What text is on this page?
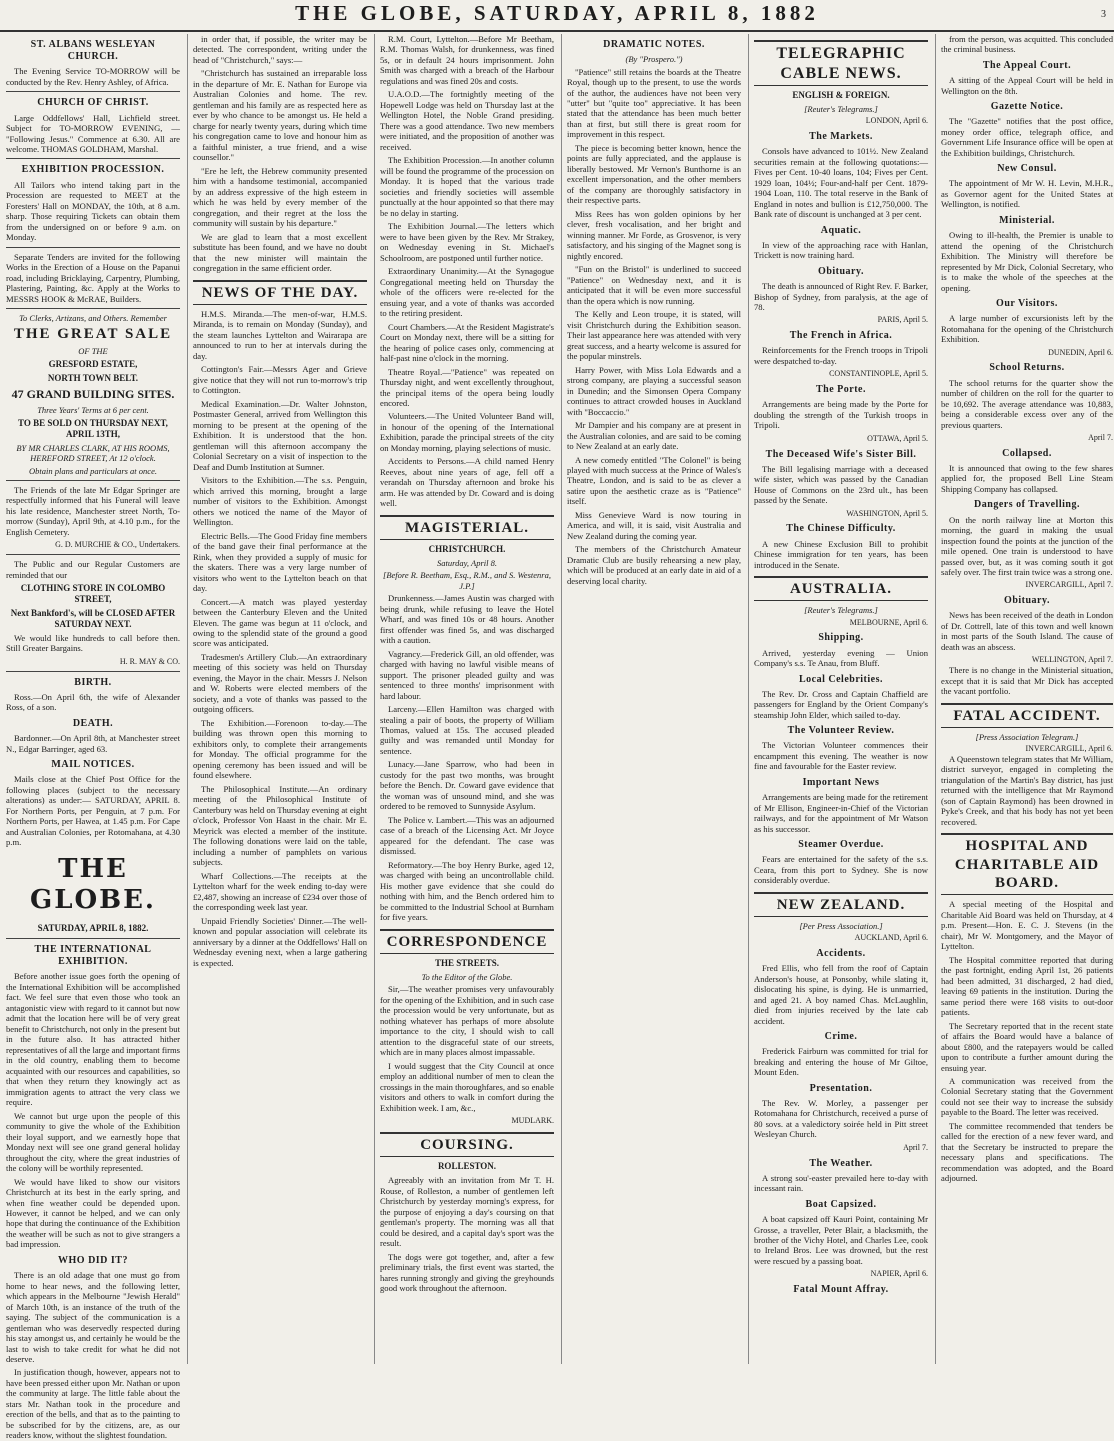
THE GLOBE, SATURDAY, APRIL 8, 1882	3

ST. ALBANS WESLEYAN CHURCH.

The Evening Service TO-MORROW will be conducted by the Rev. Henry Ashley, of Africa.

CHURCH OF CHRIST.

Large Oddfellows' Hall, Lichfield street. Subject for TO-MORROW EVENING, — "Following Jesus." Commence at 6.30. All are welcome. THOMAS GOLDHAM, Marshal.

EXHIBITION PROCESSION.

All Tailors who intend taking part in the Procession are requested to MEET at the Foresters' Hall on MONDAY, the 10th, at 8 a.m. sharp. Those requiring Tickets can obtain them from the undersigned on or before 9 a.m. on Monday.

Separate Tenders are invited for the following Works in the Erection of a House on the Papanui road, including Bricklaying, Carpentry, Plumbing, Plastering, Painting, &c. Apply at the Works to MESSRS HOOK & McRAE, Builders.

To Clerks, Artizans, and Others. Remember

THE GREAT SALE

OF THE

GRESFORD ESTATE,

NORTH TOWN BELT.

47 GRAND BUILDING SITES.

Three Years' Terms at 6 per cent.

TO BE SOLD ON THURSDAY NEXT, APRIL 13TH,

BY MR CHARLES CLARK, AT HIS ROOMS, HEREFORD STREET, At 12 o'clock.

Obtain plans and particulars at once.

The Friends of the late Mr Edgar Springer are respectfully informed that his Funeral will leave his late residence, Manchester street North, To-morrow (Sunday), April 9th, at 4.10 p.m., for the English Cemetery.

G. D. MURCHIE & CO., Undertakers.

The Public and our Regular Customers are reminded that our

CLOTHING STORE IN COLOMBO STREET,

Next Bankford's, will be CLOSED AFTER SATURDAY NEXT.

We would like hundreds to call before then. Still Greater Bargains.

H. R. MAY & CO.

BIRTH.

Ross.—On April 6th, the wife of Alexander Ross, of a son.

DEATH.

Bardonner.—On April 8th, at Manchester street N., Edgar Barringer, aged 63.

MAIL NOTICES.

Mails close at the Chief Post Office for the following places (subject to the necessary alterations) as under:— SATURDAY, APRIL 8. For Northern Ports, per Penguin, at 7 p.m. For Northern Ports, per Hawea, at 1.45 p.m. For Cape and Australian Colonies, per Rotomahana, at 4.30 p.m.

THE GLOBE.

SATURDAY, APRIL 8, 1882.

THE INTERNATIONAL EXHIBITION.

Before another issue goes forth the opening of the International Exhibition will be accomplished fact. We feel sure that even those who took an antagonistic view with regard to it cannot but now admit that the location here will be of very great benefit to Christchurch, not only in the present but in the future also. It has attracted hither representatives of all the large and important firms in the old country, enabling them to become acquainted with our resources and capabilities, so that when they return they knowingly act as immigration agents to attract the very class we require.

We cannot but urge upon the people of this community to give the whole of the Exhibition their loyal support, and we earnestly hope that Monday next will see one grand general holiday throughout the city, where the great industries of the colony will be worthily represented.

We would have liked to show our visitors Christchurch at its best in the early spring, and when fine weather could be depended upon. However, it cannot be helped, and we can only hope that during the continuance of the Exhibition the weather will be such as not to give strangers a bad impression.

WHO DID IT?

There is an old adage that one must go from home to hear news, and the following letter, which appears in the Melbourne "Jewish Herald" of March 10th, is an instance of the truth of the saying. The subject of the communication is a gentleman who was deservedly respected during his stay amongst us, and certainly he would be the last to wish to take credit for what he did not deserve.

In justification though, however, appears not to have been pressed either upon Mr. Nathan or upon the community at large. The little fable about the stars Mr. Nathan took in the procedure and erection of the bells, and that as to the painting to be subscribed for by the citizens, are, as our readers know, without the slightest foundation.

in order that, if possible, the writer may be detected. The correspondent, writing under the head of "Christchurch," says:—

"Christchurch has sustained an irreparable loss in the departure of Mr. E. Nathan for Europe via Australian Colonies and home. The rev. gentleman and his family are as respected here as ever by who chance to be amongst us. He held a charge for nearly twenty years, during which time his congregation came to love and honour him as a faithful minister, a true friend, and a wise counsellor."

"Ere he left, the Hebrew community presented him with a handsome testimonial, accompanied by an address expressive of the high esteem in which he was held by every member of the congregation, and their regret at the loss the community will sustain by his departure."

We are glad to learn that a most excellent substitute has been found, and we have no doubt that the new minister will maintain the congregation in the same efficient order.

NEWS OF THE DAY.

H.M.S. Miranda.—The men-of-war, H.M.S. Miranda, is to remain on Monday (Sunday), and the steam launches Lyttelton and Wairarapa are announced to run to her at intervals during the day.

Cottington's Fair.—Messrs Ager and Grieve give notice that they will not run to-morrow's trip to Cottington.

Medical Examination.—Dr. Walter Johnston, Postmaster General, arrived from Wellington this morning to be present at the opening of the Exhibition. It is understood that the hon. gentleman will this afternoon accompany the Colonial Secretary on a visit of inspection to the Deaf and Dumb Institution at Sumner.

Visitors to the Exhibition.—The s.s. Penguin, which arrived this morning, brought a large number of visitors to the Exhibition. Amongst others we noticed the name of the Mayor of Wellington.

Electric Bells.—The Good Friday fine members of the band gave their final performance at the Rink, when they provided a supply of music for the skaters. There was a very large number of visitors who went to the Lyttelton beach on that day.

Concert.—A match was played yesterday between the Canterbury Eleven and the United Eleven. The game was begun at 11 o'clock, and owing to the splendid state of the ground a good score was anticipated.

Tradesmen's Artillery Club.—An extraordinary meeting of this society was held on Thursday evening, the Mayor in the chair. Messrs J. Nelson and W. Roberts were elected members of the society, and a vote of thanks was passed to the outgoing officers.

The Exhibition.—Forenoon to-day.—The building was thrown open this morning to exhibitors only, to complete their arrangements for Monday. The official programme for the opening ceremony has been issued and will be found elsewhere.

The Philosophical Institute.—An ordinary meeting of the Philosophical Institute of Canterbury was held on Thursday evening at eight o'clock, Professor Von Haast in the chair. Mr E. Meyrick was elected a member of the institute. The following donations were laid on the table, including a number of pamphlets on various subjects.

Wharf Collections.—The receipts at the Lyttelton wharf for the week ending to-day were £2,487, showing an increase of £234 over those of the corresponding week last year.

Unpaid Friendly Societies' Dinner.—The well-known and popular association will celebrate its anniversary by a dinner at the Oddfellows' Hall on Wednesday evening next, when a large gathering is expected.

R.M. Court, Lyttelton.—Before Mr Beetham, R.M. Thomas Walsh, for drunkenness, was fined 5s, or in default 24 hours imprisonment. John Smith was charged with a breach of the Harbour regulations and was fined 20s and costs.

U.A.O.D.—The fortnightly meeting of the Hopewell Lodge was held on Thursday last at the Wellington Hotel, the Noble Grand presiding. There was a good attendance. Two new members were initiated, and the proposition of another was received.

The Exhibition Procession.—In another column will be found the programme of the procession on Monday. It is hoped that the various trade societies and friendly societies will assemble punctually at the hour appointed so that there may be no delay in starting.

The Exhibition Journal.—The letters which were to have been given by the Rev. Mr Strakey, on Wednesday evening in St. Michael's Schoolroom, are postponed until further notice.

Extraordinary Unanimity.—At the Synagogue Congregational meeting held on Thursday the whole of the officers were re-elected for the ensuing year, and a vote of thanks was accorded to the retiring president.

Court Chambers.—At the Resident Magistrate's Court on Monday next, there will be a sitting for the hearing of police cases only, commencing at half-past nine o'clock in the morning.

Theatre Royal.—"Patience" was repeated on Thursday night, and went excellently throughout, the principal items of the opera being loudly encored.

Volunteers.—The United Volunteer Band will, in honour of the opening of the International Exhibition, parade the principal streets of the city on Monday morning, playing selections of music.

Accidents to Persons.—A child named Henry Reeves, about nine years of age, fell off a verandah on Thursday afternoon and broke his arm. He was attended by Dr. Coward and is doing well.

MAGISTERIAL.

CHRISTCHURCH.

Saturday, April 8.

[Before R. Beetham, Esq., R.M., and S. Westenra, J.P.]

Drunkenness.—James Austin was charged with being drunk, while refusing to leave the Hotel Wharf, and was fined 10s or 48 hours. Another first offender was fined 5s, and was discharged with a caution.

Vagrancy.—Frederick Gill, an old offender, was charged with having no lawful visible means of support. The prisoner pleaded guilty and was sentenced to three months' imprisonment with hard labour.

Larceny.—Ellen Hamilton was charged with stealing a pair of boots, the property of William Thomas, valued at 15s. The accused pleaded guilty and was remanded until Monday for sentence.

Lunacy.—Jane Sparrow, who had been in custody for the past two months, was brought before the Bench. Dr. Coward gave evidence that the woman was of unsound mind, and she was ordered to be removed to Sunnyside Asylum.

The Police v. Lambert.—This was an adjourned case of a breach of the Licensing Act. Mr Joyce appeared for the defendant. The case was dismissed.

Reformatory.—The boy Henry Burke, aged 12, was charged with being an uncontrollable child. His mother gave evidence that she could do nothing with him, and the Bench ordered him to be committed to the Industrial School at Burnham for five years.

CORRESPONDENCE

THE STREETS.

To the Editor of the Globe.

Sir,—The weather promises very unfavourably for the opening of the Exhibition, and in such case the procession would be very unfortunate, but as nothing whatever has perhaps of more absolute importance to the city, I should wish to call attention to the disgraceful state of our streets, which are in many places almost impassable.

I would suggest that the City Council at once employ an additional number of men to clean the crossings in the main thoroughfares, and so enable visitors and others to walk in comfort during the Exhibition week. I am, &c.,

MUDLARK.

COURSING.

ROLLESTON.

Agreeably with an invitation from Mr T. H. Rouse, of Rolleston, a number of gentlemen left Christchurch by yesterday morning's express, for the purpose of enjoying a day's coursing on that gentleman's property. The morning was all that could be desired, and a capital day's sport was the result.

The dogs were got together, and, after a few preliminary trials, the first event was started, the hares running strongly and giving the greyhounds good work throughout the afternoon.

DRAMATIC NOTES.

(By "Prospero.")

"Patience" still retains the boards at the Theatre Royal, though up to the present, to use the words of the author, the audiences have not been very "utter" but "quite too" appreciative. It has been stated that the attendance has been much better than at first, but still there is great room for improvement in this respect.

The piece is becoming better known, hence the points are fully appreciated, and the applause is liberally bestowed. Mr Vernon's Bunthorne is an excellent impersonation, and the other members of the company are thoroughly satisfactory in their respective parts.

Miss Rees has won golden opinions by her clever, fresh vocalisation, and her bright and winning manner. Mr Forde, as Grosvenor, is very satisfactory, and his singing of the Magnet song is nightly encored.

"Fun on the Bristol" is underlined to succeed "Patience" on Wednesday next, and it is anticipated that it will be even more successful than the opera which is now running.

The Kelly and Leon troupe, it is stated, will visit Christchurch during the Exhibition season. Their last appearance here was attended with very great success, and a hearty welcome is assured for the popular minstrels.

Harry Power, with Miss Lola Edwards and a strong company, are playing a successful season in Dunedin; and the Simonsen Opera Company continues to attract crowded houses in Auckland with "Boccaccio."

Mr Dampier and his company are at present in the Australian colonies, and are said to be coming to New Zealand at an early date.

A new comedy entitled "The Colonel" is being played with much success at the Prince of Wales's Theatre, London, and is said to be as clever a satire upon the aesthetic craze as is "Patience" itself.

Miss Genevieve Ward is now touring in America, and will, it is said, visit Australia and New Zealand during the coming year.

The members of the Christchurch Amateur Dramatic Club are busily rehearsing a new play, which will be produced at an early date in aid of a deserving local charity.

TELEGRAPHIC CABLE NEWS.

ENGLISH & FOREIGN.

[Reuter's Telegrams.]

LONDON, April 6.

The Markets.

Consols have advanced to 101½. New Zealand securities remain at the following quotations:—Fives per Cent. 10-40 loans, 104; Fives per Cent. 1929 loan, 104½; Four-and-half per Cent. 1879-1904 Loan, 110. The total reserve in the Bank of England in notes and bullion is £12,750,000. The Bank rate of discount is unchanged at 3 per cent.

Aquatic.

In view of the approaching race with Hanlan, Trickett is now training hard.

Obituary.

The death is announced of Right Rev. F. Barker, Bishop of Sydney, from paralysis, at the age of 78.

PARIS, April 5.

The French in Africa.

Reinforcements for the French troops in Tripoli were despatched to-day.

CONSTANTINOPLE, April 5.

The Porte.

Arrangements are being made by the Porte for doubling the strength of the Turkish troops in Tripoli.

OTTAWA, April 5.

The Deceased Wife's Sister Bill.

The Bill legalising marriage with a deceased wife sister, which was passed by the Canadian House of Commons on the 23rd ult., has been passed by the Senate.

WASHINGTON, April 5.

The Chinese Difficulty.

A new Chinese Exclusion Bill to prohibit Chinese immigration for ten years, has been introduced in the Senate.

AUSTRALIA.

[Reuter's Telegrams.]

MELBOURNE, April 6.

Shipping.

Arrived, yesterday evening — Union Company's s.s. Te Anau, from Bluff.

Local Celebrities.

The Rev. Dr. Cross and Captain Chaffield are passengers for England by the Orient Company's steamship John Elder, which sailed to-day.

The Volunteer Review.

The Victorian Volunteer commences their encampment this evening. The weather is now fine and favourable for the Easter review.

Important News

Arrangements are being made for the retirement of Mr Ellison, Engineer-in-Chief of the Victorian railways, and for the appointment of Mr Watson as his successor.

Steamer Overdue.

Fears are entertained for the safety of the s.s. Ceara, from this port to Sydney. She is now considerably overdue.

NEW ZEALAND.

[Per Press Association.]

AUCKLAND, April 6.

Accidents.

Fred Ellis, who fell from the roof of Captain Anderson's house, at Ponsonby, while slating it, dislocating his spine, is dying. He is unmarried, and aged 21. A boy named Chas. McLaughlin, died from injuries received by the late cab accident.

Crime.

Frederick Fairburn was committed for trial for breaking and entering the house of Mr Giltoe, Mount Eden.

Presentation.

The Rev. W. Morley, a passenger per Rotomahana for Christchurch, received a purse of 80 sovs. at a valedictory soirée held in Pitt street Wesleyan Church.

April 7.

The Weather.

A strong sou'-easter prevailed here to-day with incessant rain.

Boat Capsized.

A boat capsized off Kauri Point, containing Mr Grosse, a traveller, Peter Blair, a blacksmith, the brother of the Vichy Hotel, and Charles Lee, cook to Ireland Bros. Lee was drowned, but the rest were rescued by a passing boat.

NAPIER, April 6.

Fatal Mount Affray.

from the person, was acquitted. This concluded the criminal business.

The Appeal Court.

A sitting of the Appeal Court will be held in Wellington on the 8th.

Gazette Notice.

The "Gazette" notifies that the post office, money order office, telegraph office, and Government Life Insurance office will be open at the Exhibition buildings, Christchurch.

New Consul.

The appointment of Mr W. H. Levin, M.H.R., as Governor agent for the United States at Wellington, is notified.

Ministerial.

Owing to ill-health, the Premier is unable to attend the opening of the Christchurch Exhibition. The Ministry will therefore be represented by Mr Dick, Colonial Secretary, who is to make the whole of the speeches at the opening.

Our Visitors.

A large number of excursionists left by the Rotomahana for the opening of the Christchurch Exhibition.

DUNEDIN, April 6.

School Returns.

The school returns for the quarter show the number of children on the roll for the quarter to be 10,692. The average attendance was 10,883, being a considerable excess over any of the previous quarters.

April 7.

Collapsed.

It is announced that owing to the few shares applied for, the proposed Bell Line Steam Shipping Company has collapsed.

Dangers of Travelling.

On the north railway line at Morton this morning, the guard in making the usual inspection found the points at the junction of the mile opened. One train is understood to have passed over, but, as it was coming south it got safely over. The first train twice was a strong one.

INVERCARGILL, April 7.

Obituary.

News has been received of the death in London of Dr. Cottrell, late of this town and well known in most parts of the South Island. The cause of death was an abscess.

WELLINGTON, April 7.

There is no change in the Ministerial situation, except that it is said that Mr Dick has accepted the vacant portfolio.

FATAL ACCIDENT.

[Press Association Telegram.]

INVERCARGILL, April 6.

A Queenstown telegram states that Mr William, district surveyor, engaged in completing the triangulation of the Martin's Bay district, has just returned with the intelligence that Mr Raymond (son of Captain Raymond) has been drowned in Pyke's Creek, and that his body has not yet been recovered.

HOSPITAL AND CHARITABLE AID BOARD.

A special meeting of the Hospital and Charitable Aid Board was held on Thursday, at 4 p.m. Present—Hon. E. C. J. Stevens (in the chair), Mr W. Montgomery, and the Mayor of Lyttelton.

The Hospital committee reported that during the past fortnight, ending April 1st, 26 patients had been admitted, 31 discharged, 2 had died, leaving 69 patients in the institution. During the same period there were 168 visits to out-door patients.

The Secretary reported that in the recent state of affairs the Board would have a balance of about £800, and the ratepayers would be called upon to contribute a further amount during the ensuing year.

A communication was received from the Colonial Secretary stating that the Government could not see their way to increase the subsidy payable to the Board. The letter was received.

The committee recommended that tenders be called for the erection of a new fever ward, and that the Secretary be instructed to prepare the necessary plans and specifications. The recommendation was adopted, and the Board adjourned.
